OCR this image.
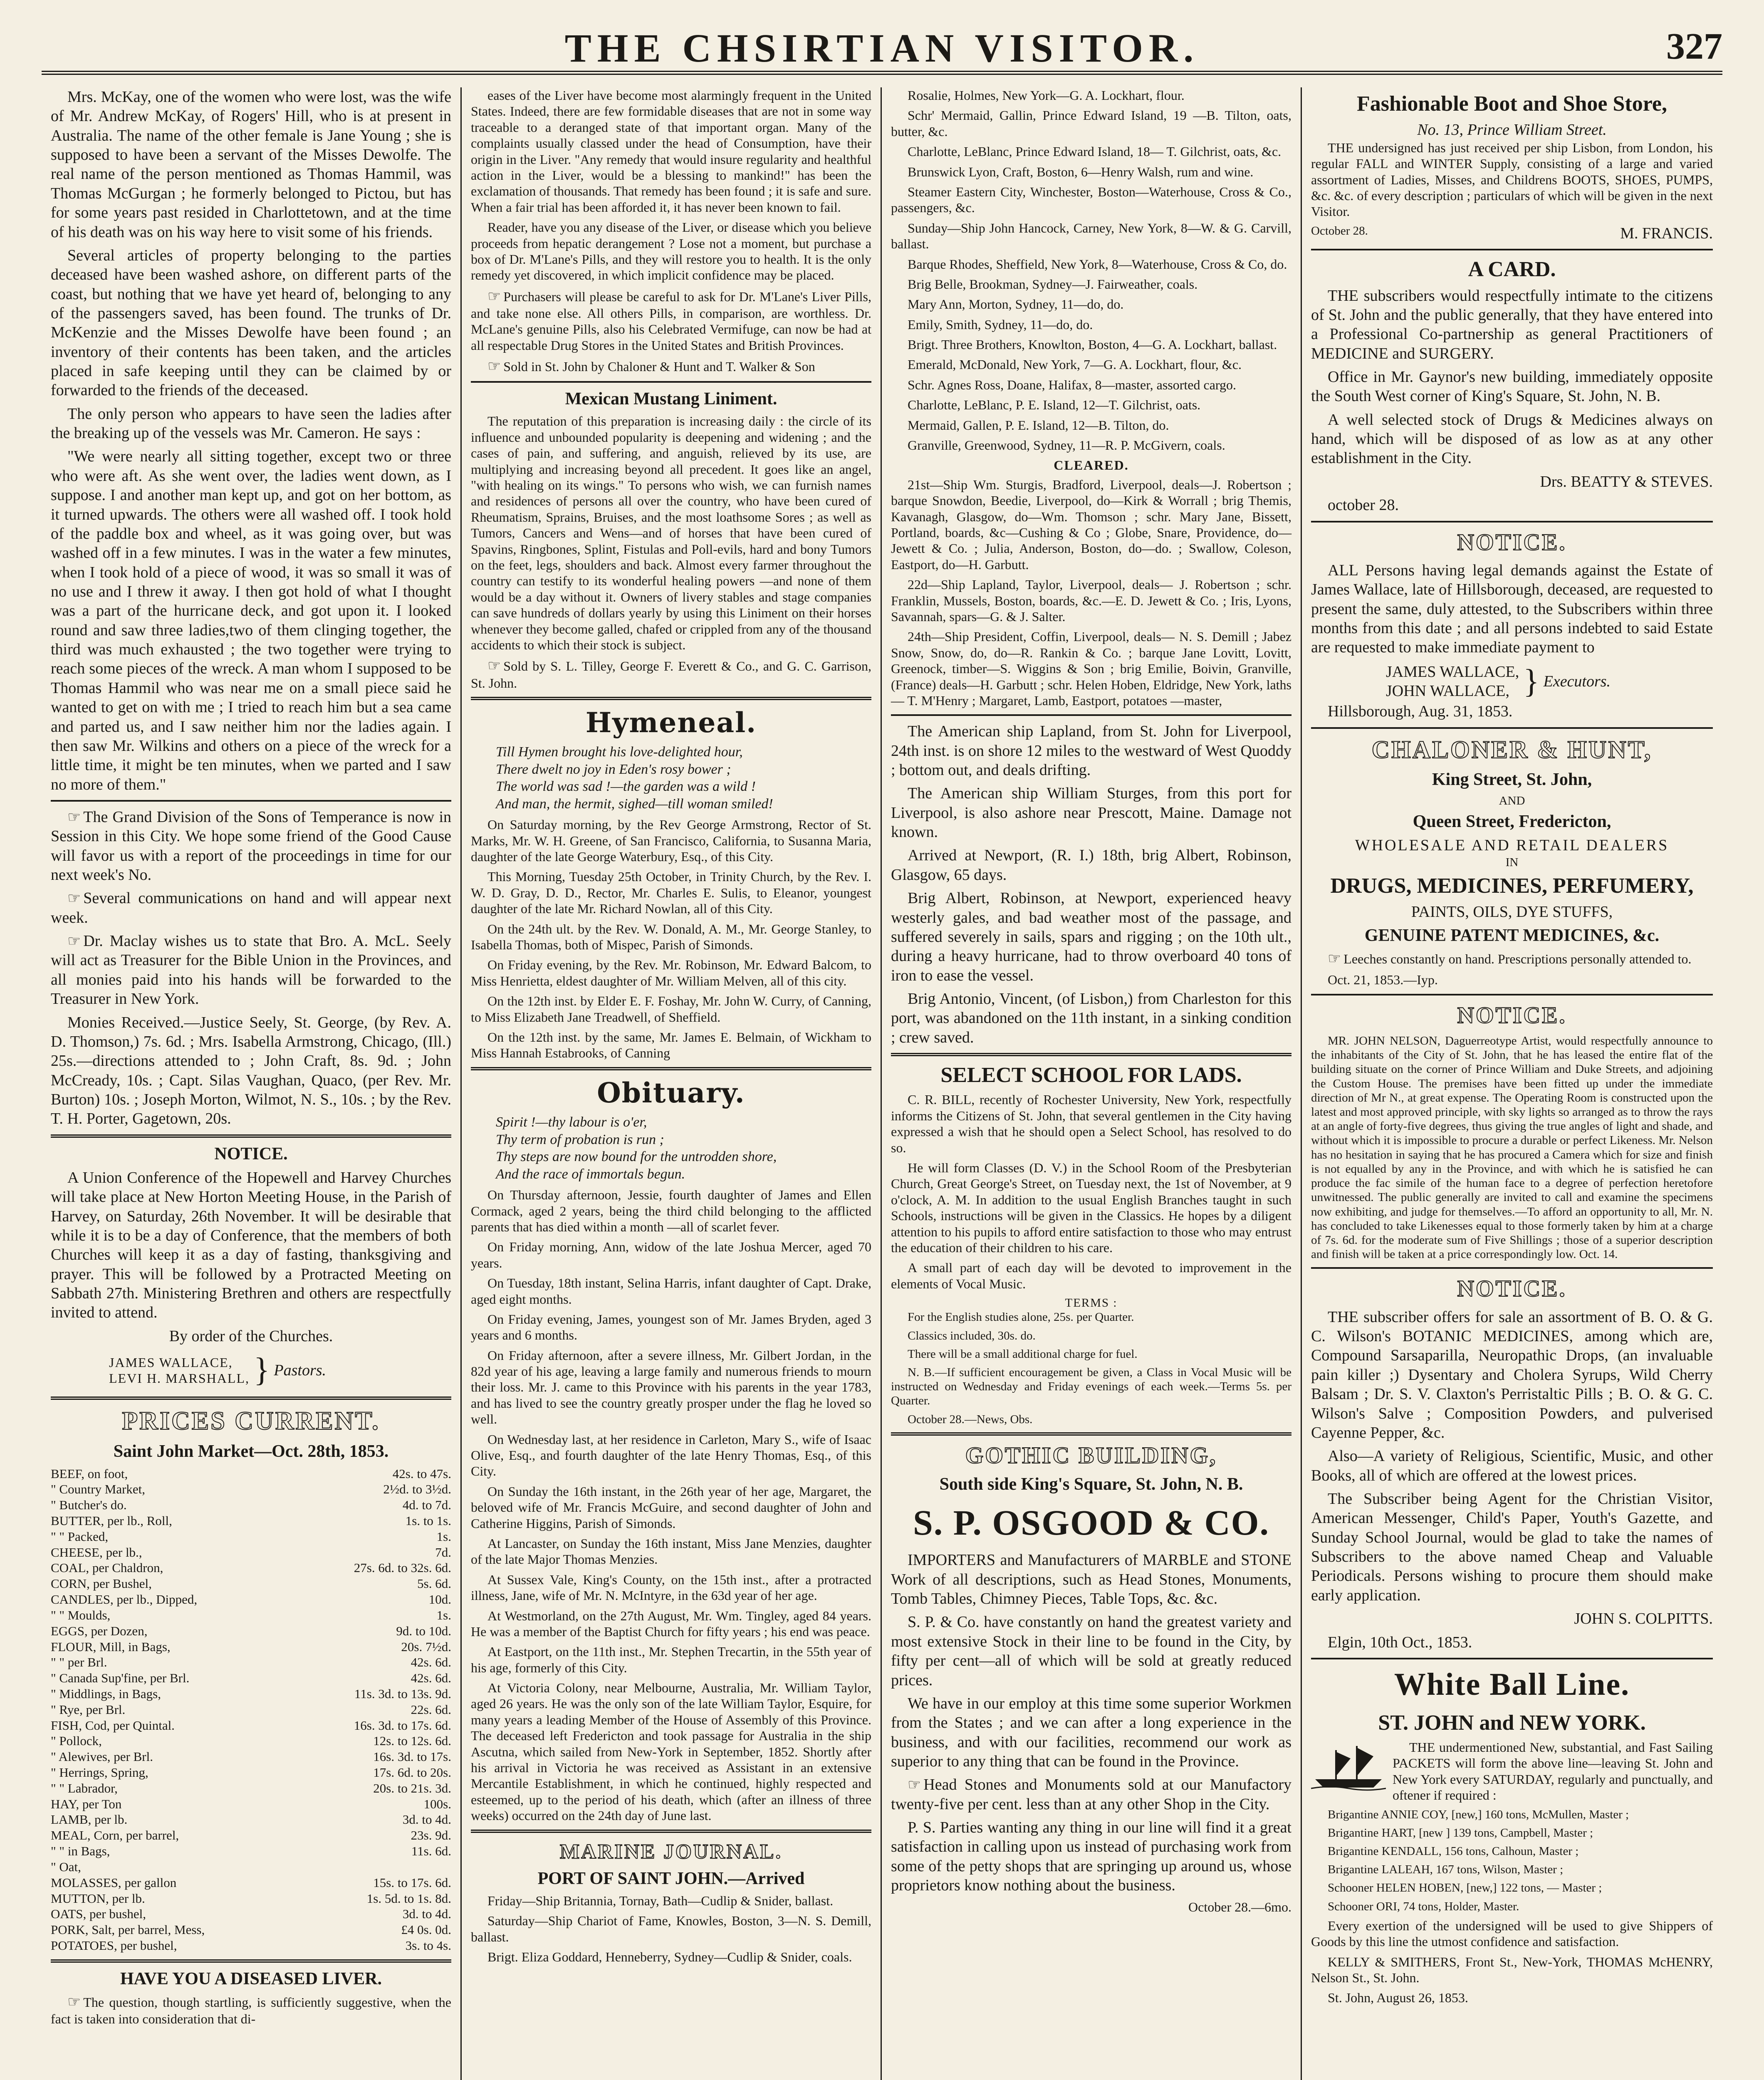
THE CHSIRTIAN VISITOR.	327

Mrs. McKay, one of the women who were lost, was the wife of Mr. Andrew McKay, of Rogers' Hill, who is at present in Australia. The name of the other female is Jane Young ; she is supposed to have been a servant of the Misses Dewolfe. The real name of the person mentioned as Thomas Hammil, was Thomas McGurgan ; he formerly belonged to Pictou, but has for some years past resided in Charlottetown, and at the time of his death was on his way here to visit some of his friends.

Several articles of property belonging to the parties deceased have been washed ashore, on different parts of the coast, but nothing that we have yet heard of, belonging to any of the passengers saved, has been found. The trunks of Dr. McKenzie and the Misses Dewolfe have been found ; an inventory of their contents has been taken, and the articles placed in safe keeping until they can be claimed by or forwarded to the friends of the deceased.

The only person who appears to have seen the ladies after the breaking up of the vessels was Mr. Cameron. He says :

"We were nearly all sitting together, except two or three who were aft. As she went over, the ladies went down, as I suppose. I and another man kept up, and got on her bottom, as it turned upwards. The others were all washed off. I took hold of the paddle box and wheel, as it was going over, but was washed off in a few minutes. I was in the water a few minutes, when I took hold of a piece of wood, it was so small it was of no use and I threw it away. I then got hold of what I thought was a part of the hurricane deck, and got upon it. I looked round and saw three ladies,two of them clinging together, the third was much exhausted ; the two together were trying to reach some pieces of the wreck. A man whom I supposed to be Thomas Hammil who was near me on a small piece said he wanted to get on with me ; I tried to reach him but a sea came and parted us, and I saw neither him nor the ladies again. I then saw Mr. Wilkins and others on a piece of the wreck for a little time, it might be ten minutes, when we parted and I saw no more of them."

☞ The Grand Division of the Sons of Temperance is now in Session in this City. We hope some friend of the Good Cause will favor us with a report of the proceedings in time for our next week's No.

☞ Several communications on hand and will appear next week.

☞ Dr. Maclay wishes us to state that Bro. A. McL. Seely will act as Treasurer for the Bible Union in the Provinces, and all monies paid into his hands will be forwarded to the Treasurer in New York.

Monies Received.—Justice Seely, St. George, (by Rev. A. D. Thomson,) 7s. 6d. ; Mrs. Isabella Armstrong, Chicago, (Ill.) 25s.—directions attended to ; John Craft, 8s. 9d. ; John McCready, 10s. ; Capt. Silas Vaughan, Quaco, (per Rev. Mr. Burton) 10s. ; Joseph Morton, Wilmot, N. S., 10s. ; by the Rev. T. H. Porter, Gagetown, 20s.

NOTICE.

A Union Conference of the Hopewell and Harvey Churches will take place at New Horton Meeting House, in the Parish of Harvey, on Saturday, 26th November. It will be desirable that while it is to be a day of Conference, that the members of both Churches will keep it as a day of fasting, thanksgiving and prayer. This will be followed by a Protracted Meeting on Sabbath 27th. Ministering Brethren and others are respectfully invited to attend.

By order of the Churches.

JAMES WALLACE,
LEVI H. MARSHALL, } Pastors.
PRICES CURRENT.
Saint John Market—Oct. 28th, 1853.
BEEF, on foot,	42s. to 47s.
" Country Market,	2½d. to 3½d.
" Butcher's do.	4d. to 7d.
BUTTER, per lb., Roll,	1s. to 1s.
" " Packed,	1s.
CHEESE, per lb.,	7d.
COAL, per Chaldron,	27s. 6d. to 32s. 6d.
CORN, per Bushel,	5s. 6d.
CANDLES, per lb., Dipped,	10d.
" " Moulds,	1s.
EGGS, per Dozen,	9d. to 10d.
FLOUR, Mill, in Bags,	20s. 7½d.
" " per Brl.	42s. 6d.
" Canada Sup'fine, per Brl.	42s. 6d.
" Middlings, in Bags,	11s. 3d. to 13s. 9d.
" Rye, per Brl.	22s. 6d.
FISH, Cod, per Quintal.	16s. 3d. to 17s. 6d.
" Pollock,	12s. to 12s. 6d.
" Alewives, per Brl.	16s. 3d. to 17s.
" Herrings, Spring,	17s. 6d. to 20s.
" " Labrador,	20s. to 21s. 3d.
HAY, per Ton	100s.
LAMB, per lb.	3d. to 4d.
MEAL, Corn, per barrel,	23s. 9d.
" " in Bags,	11s. 6d.
" Oat,
MOLASSES, per gallon	15s. to 17s. 6d.
MUTTON, per lb.	1s. 5d. to 1s. 8d.
OATS, per bushel,	3d. to 4d.
PORK, Salt, per barrel, Mess,	£4 0s. 0d.
POTATOES, per bushel,	3s. to 4s.
HAVE YOU A DISEASED LIVER.

☞ The question, though startling, is sufficiently suggestive, when the fact is taken into consideration that di-

eases of the Liver have become most alarmingly frequent in the United States. Indeed, there are few formidable diseases that are not in some way traceable to a deranged state of that important organ. Many of the complaints usually classed under the head of Consumption, have their origin in the Liver. "Any remedy that would insure regularity and healthful action in the Liver, would be a blessing to mankind!" has been the exclamation of thousands. That remedy has been found ; it is safe and sure. When a fair trial has been afforded it, it has never been known to fail.

Reader, have you any disease of the Liver, or disease which you believe proceeds from hepatic derangement ? Lose not a moment, but purchase a box of Dr. M'Lane's Pills, and they will restore you to health. It is the only remedy yet discovered, in which implicit confidence may be placed.

☞ Purchasers will please be careful to ask for Dr. M'Lane's Liver Pills, and take none else. All others Pills, in comparison, are worthless. Dr. McLane's genuine Pills, also his Celebrated Vermifuge, can now be had at all respectable Drug Stores in the United States and British Provinces.

☞ Sold in St. John by Chaloner & Hunt and T. Walker & Son

Mexican Mustang Liniment.

The reputation of this preparation is increasing daily : the circle of its influence and unbounded popularity is deepening and widening ; and the cases of pain, and suffering, and anguish, relieved by its use, are multiplying and increasing beyond all precedent. It goes like an angel, "with healing on its wings." To persons who wish, we can furnish names and residences of persons all over the country, who have been cured of Rheumatism, Sprains, Bruises, and the most loathsome Sores ; as well as Tumors, Cancers and Wens—and of horses that have been cured of Spavins, Ringbones, Splint, Fistulas and Poll-evils, hard and bony Tumors on the feet, legs, shoulders and back. Almost every farmer throughout the country can testify to its wonderful healing powers —and none of them would be a day without it. Owners of livery stables and stage companies can save hundreds of dollars yearly by using this Liniment on their horses whenever they become galled, chafed or crippled from any of the thousand accidents to which their stock is subject.

☞ Sold by S. L. Tilley, George F. Everett & Co., and G. C. Garrison, St. John.

Hymeneal.
Till Hymen brought his love-delighted hour,
There dwelt no joy in Eden's rosy bower ;
The world was sad !—the garden was a wild !
And man, the hermit, sighed—till woman smiled!

On Saturday morning, by the Rev George Armstrong, Rector of St. Marks, Mr. W. H. Greene, of San Francisco, California, to Susanna Maria, daughter of the late George Waterbury, Esq., of this City.

This Morning, Tuesday 25th October, in Trinity Church, by the Rev. I. W. D. Gray, D. D., Rector, Mr. Charles E. Sulis, to Eleanor, youngest daughter of the late Mr. Richard Nowlan, all of this City.

On the 24th ult. by the Rev. W. Donald, A. M., Mr. George Stanley, to Isabella Thomas, both of Mispec, Parish of Simonds.

On Friday evening, by the Rev. Mr. Robinson, Mr. Edward Balcom, to Miss Henrietta, eldest daughter of Mr. William Melven, all of this city.

On the 12th inst. by Elder E. F. Foshay, Mr. John W. Curry, of Canning, to Miss Elizabeth Jane Treadwell, of Sheffield.

On the 12th inst. by the same, Mr. James E. Belmain, of Wickham to Miss Hannah Estabrooks, of Canning

Obituary.
Spirit !—thy labour is o'er,
Thy term of probation is run ;
Thy steps are now bound for the untrodden shore,
And the race of immortals begun.

On Thursday afternoon, Jessie, fourth daughter of James and Ellen Cormack, aged 2 years, being the third child belonging to the afflicted parents that has died within a month —all of scarlet fever.

On Friday morning, Ann, widow of the late Joshua Mercer, aged 70 years.

On Tuesday, 18th instant, Selina Harris, infant daughter of Capt. Drake, aged eight months.

On Friday evening, James, youngest son of Mr. James Bryden, aged 3 years and 6 months.

On Friday afternoon, after a severe illness, Mr. Gilbert Jordan, in the 82d year of his age, leaving a large family and numerous friends to mourn their loss. Mr. J. came to this Province with his parents in the year 1783, and has lived to see the country greatly prosper under the flag he loved so well.

On Wednesday last, at her residence in Carleton, Mary S., wife of Isaac Olive, Esq., and fourth daughter of the late Henry Thomas, Esq., of this City.

On Sunday the 16th instant, in the 26th year of her age, Margaret, the beloved wife of Mr. Francis McGuire, and second daughter of John and Catherine Higgins, Parish of Simonds.

At Lancaster, on Sunday the 16th instant, Miss Jane Menzies, daughter of the late Major Thomas Menzies.

At Sussex Vale, King's County, on the 15th inst., after a protracted illness, Jane, wife of Mr. N. McIntyre, in the 63d year of her age.

At Westmorland, on the 27th August, Mr. Wm. Tingley, aged 84 years. He was a member of the Baptist Church for fifty years ; his end was peace.

At Eastport, on the 11th inst., Mr. Stephen Trecartin, in the 55th year of his age, formerly of this City.

At Victoria Colony, near Melbourne, Australia, Mr. William Taylor, aged 26 years. He was the only son of the late William Taylor, Esquire, for many years a leading Member of the House of Assembly of this Province. The deceased left Fredericton and took passage for Australia in the ship Ascutna, which sailed from New-York in September, 1852. Shortly after his arrival in Victoria he was received as Assistant in an extensive Mercantile Establishment, in which he continued, highly respected and esteemed, up to the period of his death, which (after an illness of three weeks) occurred on the 24th day of June last.

MARINE JOURNAL.
PORT OF SAINT JOHN.—Arrived

Friday—Ship Britannia, Tornay, Bath—Cudlip & Snider, ballast.

Saturday—Ship Chariot of Fame, Knowles, Boston, 3—N. S. Demill, ballast.

Brigt. Eliza Goddard, Henneberry, Sydney—Cudlip & Snider, coals.

Rosalie, Holmes, New York—G. A. Lockhart, flour.

Schr' Mermaid, Gallin, Prince Edward Island, 19 —B. Tilton, oats, butter, &c.

Charlotte, LeBlanc, Prince Edward Island, 18— T. Gilchrist, oats, &c.

Brunswick Lyon, Craft, Boston, 6—Henry Walsh, rum and wine.

Steamer Eastern City, Winchester, Boston—Waterhouse, Cross & Co., passengers, &c.

Sunday—Ship John Hancock, Carney, New York, 8—W. & G. Carvill, ballast.

Barque Rhodes, Sheffield, New York, 8—Waterhouse, Cross & Co, do.

Brig Belle, Brookman, Sydney—J. Fairweather, coals.

Mary Ann, Morton, Sydney, 11—do, do.

Emily, Smith, Sydney, 11—do, do.

Brigt. Three Brothers, Knowlton, Boston, 4—G. A. Lockhart, ballast.

Emerald, McDonald, New York, 7—G. A. Lockhart, flour, &c.

Schr. Agnes Ross, Doane, Halifax, 8—master, assorted cargo.

Charlotte, LeBlanc, P. E. Island, 12—T. Gilchrist, oats.

Mermaid, Gallen, P. E. Island, 12—B. Tilton, do.

Granville, Greenwood, Sydney, 11—R. P. McGivern, coals.

CLEARED.

21st—Ship Wm. Sturgis, Bradford, Liverpool, deals—J. Robertson ; barque Snowdon, Beedie, Liverpool, do—Kirk & Worrall ; brig Themis, Kavanagh, Glasgow, do—Wm. Thomson ; schr. Mary Jane, Bissett, Portland, boards, &c—Cushing & Co ; Globe, Snare, Providence, do—Jewett & Co. ; Julia, Anderson, Boston, do—do. ; Swallow, Coleson, Eastport, do—H. Garbutt.

22d—Ship Lapland, Taylor, Liverpool, deals— J. Robertson ; schr. Franklin, Mussels, Boston, boards, &c.—E. D. Jewett & Co. ; Iris, Lyons, Savannah, spars—G. & J. Salter.

24th—Ship President, Coffin, Liverpool, deals— N. S. Demill ; Jabez Snow, Snow, do, do—R. Rankin & Co. ; barque Jane Lovitt, Lovitt, Greenock, timber—S. Wiggins & Son ; brig Emilie, Boivin, Granville, (France) deals—H. Garbutt ; schr. Helen Hoben, Eldridge, New York, laths— T. M'Henry ; Margaret, Lamb, Eastport, potatoes —master,

The American ship Lapland, from St. John for Liverpool, 24th inst. is on shore 12 miles to the westward of West Quoddy ; bottom out, and deals drifting.

The American ship William Sturges, from this port for Liverpool, is also ashore near Prescott, Maine. Damage not known.

Arrived at Newport, (R. I.) 18th, brig Albert, Robinson, Glasgow, 65 days.

Brig Albert, Robinson, at Newport, experienced heavy westerly gales, and bad weather most of the passage, and suffered severely in sails, spars and rigging ; on the 10th ult., during a heavy hurricane, had to throw overboard 40 tons of iron to ease the vessel.

Brig Antonio, Vincent, (of Lisbon,) from Charleston for this port, was abandoned on the 11th instant, in a sinking condition ; crew saved.

SELECT SCHOOL FOR LADS.

C. R. BILL, recently of Rochester University, New York, respectfully informs the Citizens of St. John, that several gentlemen in the City having expressed a wish that he should open a Select School, has resolved to do so.

He will form Classes (D. V.) in the School Room of the Presbyterian Church, Great George's Street, on Tuesday next, the 1st of November, at 9 o'clock, A. M. In addition to the usual English Branches taught in such Schools, instructions will be given in the Classics. He hopes by a diligent attention to his pupils to afford entire satisfaction to those who may entrust the education of their children to his care.

A small part of each day will be devoted to improvement in the elements of Vocal Music.

TERMS :

For the English studies alone, 25s. per Quarter.

Classics included, 30s. do.

There will be a small additional charge for fuel.

N. B.—If sufficient encouragement be given, a Class in Vocal Music will be instructed on Wednesday and Friday evenings of each week.—Terms 5s. per Quarter.

October 28.—News, Obs.

GOTHIC BUILDING,
South side King's Square, St. John, N. B.
S. P. OSGOOD & CO.

IMPORTERS and Manufacturers of MARBLE and STONE Work of all descriptions, such as Head Stones, Monuments, Tomb Tables, Chimney Pieces, Table Tops, &c. &c.

S. P. & Co. have constantly on hand the greatest variety and most extensive Stock in their line to be found in the City, by fifty per cent—all of which will be sold at greatly reduced prices.

We have in our employ at this time some superior Workmen from the States ; and we can after a long experience in the business, and with our facilities, recommend our work as superior to any thing that can be found in the Province.

☞ Head Stones and Monuments sold at our Manufactory twenty-five per cent. less than at any other Shop in the City.

P. S. Parties wanting any thing in our line will find it a great satisfaction in calling upon us instead of purchasing work from some of the petty shops that are springing up around us, whose proprietors know nothing about the business.

October 28.—6mo.

Fashionable Boot and Shoe Store,
No. 13, Prince William Street.

THE undersigned has just received per ship Lisbon, from London, his regular FALL and WINTER Supply, consisting of a large and varied assortment of Ladies, Misses, and Childrens BOOTS, SHOES, PUMPS, &c. &c. of every description ; particulars of which will be given in the next Visitor.

October 28.	M. FRANCIS.
A CARD.

THE subscribers would respectfully intimate to the citizens of St. John and the public generally, that they have entered into a Professional Co-partnership as general Practitioners of MEDICINE and SURGERY.

Office in Mr. Gaynor's new building, immediately opposite the South West corner of King's Square, St. John, N. B.

A well selected stock of Drugs & Medicines always on hand, which will be disposed of as low as at any other establishment in the City.

Drs. BEATTY & STEVES.

october 28.

NOTICE.

ALL Persons having legal demands against the Estate of James Wallace, late of Hillsborough, deceased, are requested to present the same, duly attested, to the Subscribers within three months from this date ; and all persons indebted to said Estate are requested to make immediate payment to

JAMES WALLACE,
JOHN WALLACE, } Executors.

Hillsborough, Aug. 31, 1853.

CHALONER & HUNT,
King Street, St. John,
AND
Queen Street, Fredericton,
WHOLESALE AND RETAIL DEALERS
IN
DRUGS, MEDICINES, PERFUMERY,
PAINTS, OILS, DYE STUFFS,
GENUINE PATENT MEDICINES, &c.

☞ Leeches constantly on hand. Prescriptions personally attended to.

Oct. 21, 1853.—Iyp.

NOTICE.

MR. JOHN NELSON, Daguerreotype Artist, would respectfully announce to the inhabitants of the City of St. John, that he has leased the entire flat of the building situate on the corner of Prince William and Duke Streets, and adjoining the Custom House. The premises have been fitted up under the immediate direction of Mr N., at great expense. The Operating Room is constructed upon the latest and most approved principle, with sky lights so arranged as to throw the rays at an angle of forty-five degrees, thus giving the true angles of light and shade, and without which it is impossible to procure a durable or perfect Likeness. Mr. Nelson has no hesitation in saying that he has procured a Camera which for size and finish is not equalled by any in the Province, and with which he is satisfied he can produce the fac simile of the human face to a degree of perfection heretofore unwitnessed. The public generally are invited to call and examine the specimens now exhibiting, and judge for themselves.—To afford an opportunity to all, Mr. N. has concluded to take Likenesses equal to those formerly taken by him at a charge of 7s. 6d. for the moderate sum of Five Shillings ; those of a superior description and finish will be taken at a price correspondingly low. Oct. 14.

NOTICE.

THE subscriber offers for sale an assortment of B. O. & G. C. Wilson's BOTANIC MEDICINES, among which are, Compound Sarsaparilla, Neuropathic Drops, (an invaluable pain killer ;) Dysentary and Cholera Syrups, Wild Cherry Balsam ; Dr. S. V. Claxton's Perristaltic Pills ; B. O. & G. C. Wilson's Salve ; Composition Powders, and pulverised Cayenne Pepper, &c.

Also—A variety of Religious, Scientific, Music, and other Books, all of which are offered at the lowest prices.

The Subscriber being Agent for the Christian Visitor, American Messenger, Child's Paper, Youth's Gazette, and Sunday School Journal, would be glad to take the names of Subscribers to the above named Cheap and Valuable Periodicals. Persons wishing to procure them should make early application.

JOHN S. COLPITTS.

Elgin, 10th Oct., 1853.

White Ball Line.
ST. JOHN and NEW YORK.

THE undermentioned New, substantial, and Fast Sailing PACKETS will form the above line—leaving St. John and New York every SATURDAY, regularly and punctually, and oftener if required :

Brigantine ANNIE COY, [new,] 160 tons, McMullen, Master ;

Brigantine HART, [new ] 139 tons, Campbell, Master ;

Brigantine KENDALL, 156 tons, Calhoun, Master ;

Brigantine LALEAH, 167 tons, Wilson, Master ;

Schooner HELEN HOBEN, [new,] 122 tons, — Master ;

Schooner ORI, 74 tons, Holder, Master.

Every exertion of the undersigned will be used to give Shippers of Goods by this line the utmost confidence and satisfaction.

KELLY & SMITHERS, Front St., New-York, THOMAS McHENRY, Nelson St., St. John.

St. John, August 26, 1853.
